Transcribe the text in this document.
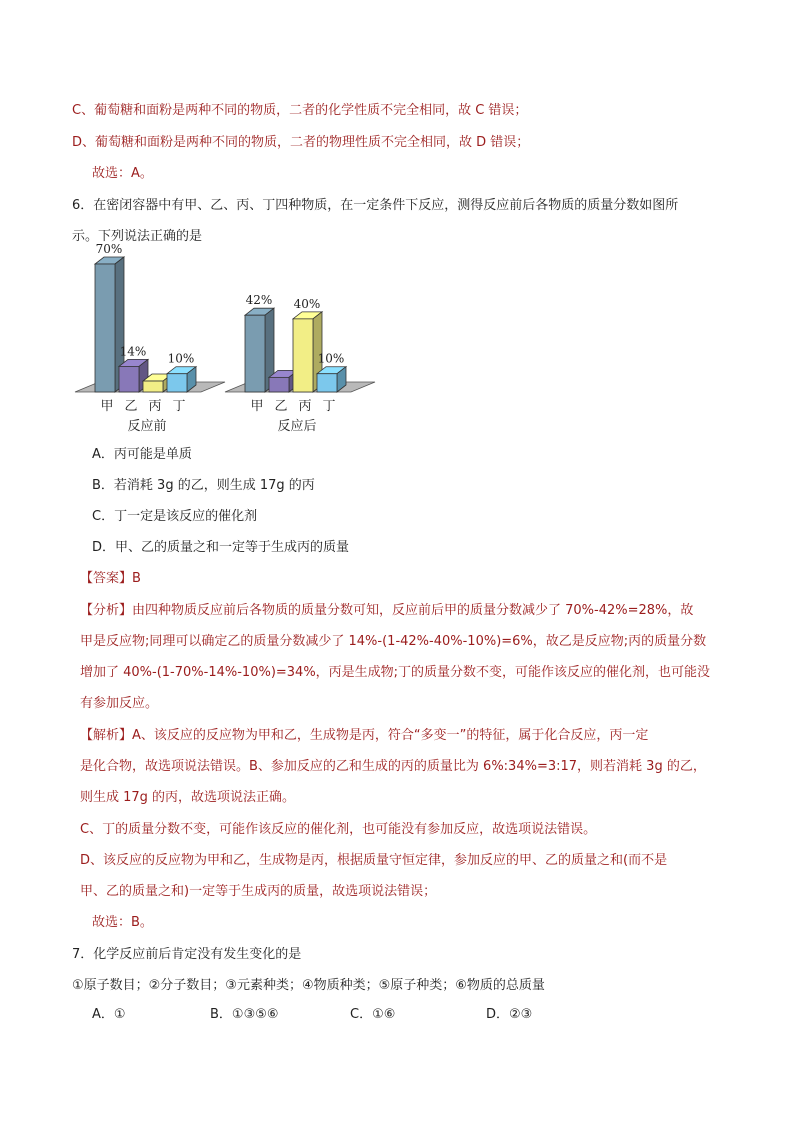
C、葡萄糖和面粉是两种不同的物质，二者的化学性质不完全相同，故 C 错误；
D、葡萄糖和面粉是两种不同的物质，二者的物理性质不完全相同，故 D 错误；
故选：A。
6．在密闭容器中有甲、乙、丙、丁四种物质，在一定条件下反应，测得反应前后各物质的质量分数如图所
示。下列说法正确的是
70%
甲
14%
乙 丙
10%
丁
反应前
42%
甲 乙
40%
丙
10%
丁
反应后
A．丙可能是单质
B．若消耗 3g 的乙，则生成 17g 的丙
C．丁一定是该反应的催化剂
D．甲、乙的质量之和一定等于生成丙的质量
【答案】B
【分析】由四种物质反应前后各物质的质量分数可知，反应前后甲的质量分数减少了 70%-42%=28%，故
甲是反应物;同理可以确定乙的质量分数减少了 14%-(1-42%-40%-10%)=6%，故乙是反应物;丙的质量分数
增加了 40%-(1-70%-14%-10%)=34%，丙是生成物;丁的质量分数不变，可能作该反应的催化剂，也可能没
有参加反应。
【解析】A、该反应的反应物为甲和乙，生成物是丙，符合“多变一”的特征，属于化合反应，丙一定
是化合物，故选项说法错误。B、参加反应的乙和生成的丙的质量比为 6%:34%=3:17，则若消耗 3g 的乙，
则生成 17g 的丙，故选项说法正确。
C、丁的质量分数不变，可能作该反应的催化剂，也可能没有参加反应，故选项说法错误。
D、该反应的反应物为甲和乙，生成物是丙，根据质量守恒定律，参加反应的甲、乙的质量之和(而不是
甲、乙的质量之和)一定等于生成丙的质量，故选项说法错误；
故选：B。
7．化学反应前后肯定没有发生变化的是
①原子数目；②分子数目；③元素种类；④物质种类；⑤原子种类；⑥物质的总质量
A．①	B．①③⑤⑥	C．①⑥	D．②③
